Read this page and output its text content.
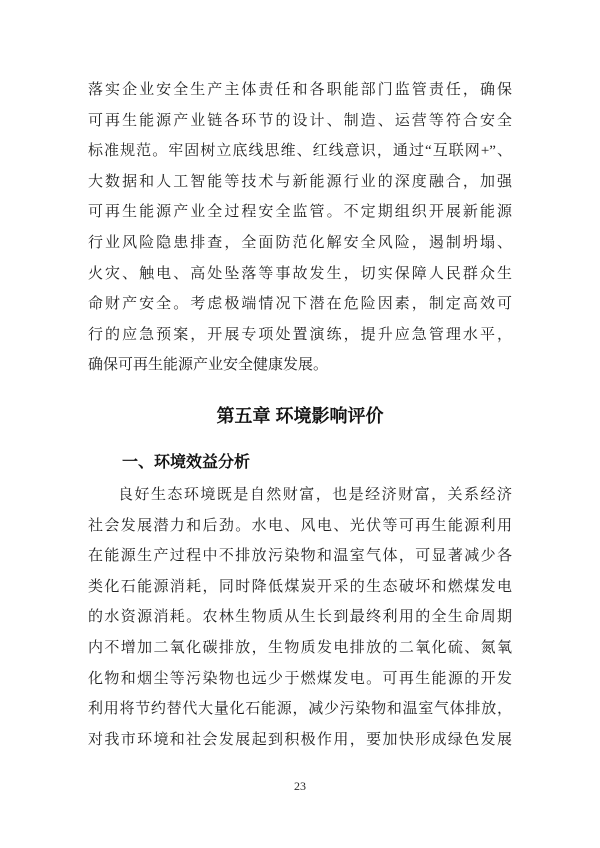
落实企业安全生产主体责任和各职能部门监管责任，确保
可再生能源产业链各环节的设计、制造、运营等符合安全
标准规范。牢固树立底线思维、红线意识，通过“互联网+”、
大数据和人工智能等技术与新能源行业的深度融合，加强
可再生能源产业全过程安全监管。不定期组织开展新能源
行业风险隐患排查，全面防范化解安全风险，遏制坍塌、
火灾、触电、高处坠落等事故发生，切实保障人民群众生
命财产安全。考虑极端情况下潜在危险因素，制定高效可
行的应急预案，开展专项处置演练，提升应急管理水平，
确保可再生能源产业安全健康发展。
第五章 环境影响评价
一、环境效益分析
良好生态环境既是自然财富，也是经济财富，关系经济
社会发展潜力和后劲。水电、风电、光伏等可再生能源利用
在能源生产过程中不排放污染物和温室气体，可显著减少各
类化石能源消耗，同时降低煤炭开采的生态破坏和燃煤发电
的水资源消耗。农林生物质从生长到最终利用的全生命周期
内不增加二氧化碳排放，生物质发电排放的二氧化硫、氮氧
化物和烟尘等污染物也远少于燃煤发电。可再生能源的开发
利用将节约替代大量化石能源，减少污染物和温室气体排放，
对我市环境和社会发展起到积极作用，要加快形成绿色发展
23
